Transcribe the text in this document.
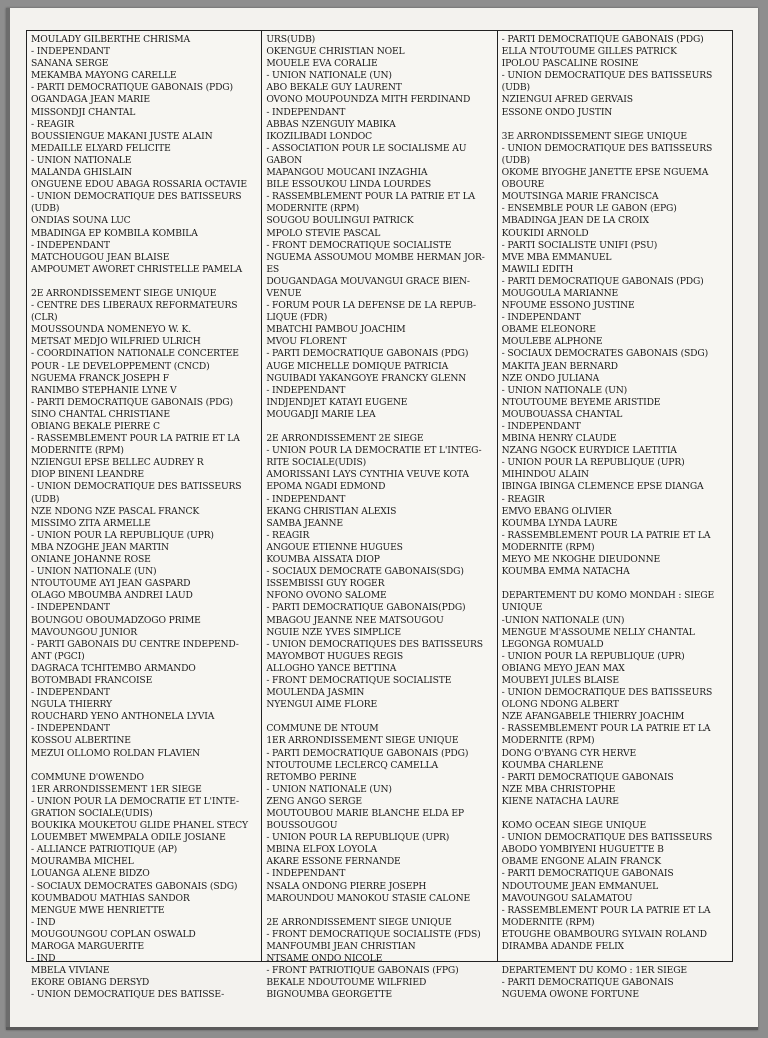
MOULADY GILBERTHE CHRISMA
- INDEPENDANT
SANANA SERGE
MEKAMBA MAYONG CARELLE
- PARTI DEMOCRATIQUE GABONAIS (PDG)
OGANDAGA JEAN MARIE
MISSONDJI CHANTAL
- REAGIR
BOUSSIENGUE MAKANI JUSTE ALAIN
MEDAILLE ELYARD FELICITE
- UNION NATIONALE
MALANDA GHISLAIN
ONGUENE EDOU ABAGA ROSSARIA OCTAVIE
- UNION DEMOCRATIQUE DES BATISSEURS
(UDB)
ONDIAS SOUNA LUC
MBADINGA EP KOMBILA KOMBILA
- INDEPENDANT
MATCHOUGOU JEAN BLAISE
AMPOUMET AWORET CHRISTELLE PAMELA
2E ARRONDISSEMENT SIEGE UNIQUE
- CENTRE DES LIBERAUX REFORMATEURS
(CLR)
MOUSSOUNDA NOMENEYO W. K.
METSAT MEDJO WILFRIED ULRICH
- COORDINATION NATIONALE CONCERTEE
POUR - LE DEVELOPPEMENT (CNCD)
NGUEMA FRANCK JOSEPH F
RANIMBO STEPHANIE LYNE V
- PARTI DEMOCRATIQUE GABONAIS (PDG)
SINO CHANTAL CHRISTIANE
OBIANG BEKALE PIERRE C
- RASSEMBLEMENT POUR LA PATRIE ET LA
MODERNITE (RPM)
NZIENGUI EPSE BELLEC AUDREY R
DIOP BINENI LEANDRE
- UNION DEMOCRATIQUE DES BATISSEURS
(UDB)
NZE NDONG NZE PASCAL FRANCK
MISSIMO ZITA ARMELLE
- UNION POUR LA REPUBLIQUE (UPR)
MBA NZOGHE JEAN MARTIN
ONIANE JOHANNE ROSE
- UNION NATIONALE (UN)
NTOUTOUME AYI JEAN GASPARD
OLAGO MBOUMBA ANDREI LAUD
- INDEPENDANT
BOUNGOU OBOUMADZOGO PRIME
MAVOUNGOU JUNIOR
- PARTI GABONAIS DU CENTRE INDEPEND-
ANT (PGCI)
DAGRACA TCHITEMBO ARMANDO
BOTOMBADI FRANCOISE
- INDEPENDANT
NGULA THIERRY
ROUCHARD YENO ANTHONELA LYVIA
- INDEPENDANT
KOSSOU ALBERTINE
MEZUI OLLOMO ROLDAN FLAVIEN
COMMUNE D'OWENDO
1ER ARRONDISSEMENT 1ER SIEGE
- UNION POUR LA DEMOCRATIE ET L'INTE-
GRATION SOCIALE(UDIS)
BOUKIKA MOUKETOU GLIDE PHANEL STECY
LOUEMBET MWEMPALA ODILE JOSIANE
- ALLIANCE PATRIOTIQUE (AP)
MOURAMBA MICHEL
LOUANGA ALENE BIDZO
- SOCIAUX DEMOCRATES GABONAIS (SDG)
KOUMBADOU MATHIAS SANDOR
MENGUE MWE HENRIETTE
- IND
MOUGOUNGOU COPLAN OSWALD
MAROGA MARGUERITE
- IND
MBELA VIVIANE
EKORE OBIANG DERSYD
- UNION DEMOCRATIQUE DES BATISSE-
URS(UDB)
OKENGUE CHRISTIAN NOEL
MOUELE EVA CORALIE
- UNION NATIONALE (UN)
ABO BEKALE GUY LAURENT
OVONO MOUPOUNDZA MITH FERDINAND
- INDEPENDANT
ABBAS NZENGUIY MABIKA
IKOZILIBADI LONDOC
- ASSOCIATION POUR LE SOCIALISME AU
GABON
MAPANGOU MOUCANI INZAGHIA
BILE ESSOUKOU LINDA LOURDES
- RASSEMBLEMENT POUR LA PATRIE ET LA
MODERNITE (RPM)
SOUGOU BOULINGUI PATRICK
MPOLO STEVIE PASCAL
- FRONT DEMOCRATIQUE SOCIALISTE
NGUEMA ASSOUMOU MOMBE HERMAN JOR-
ES
DOUGANDAGA MOUVANGUI GRACE BIEN-
VENUE
- FORUM POUR LA DEFENSE DE LA REPUB-
LIQUE (FDR)
MBATCHI PAMBOU JOACHIM
MVOU FLORENT
- PARTI DEMOCRATIQUE GABONAIS (PDG)
AUGE MICHELLE DOMIQUE PATRICIA
NGUIBADI YAKANGOYE FRANCKY GLENN
- INDEPENDANT
INDJENDJET KATAYI EUGENE
MOUGADJI MARIE LEA
2E ARRONDISSEMENT 2E SIEGE
- UNION POUR LA DEMOCRATIE ET L'INTEG-
RITE SOCIALE(UDIS)
AMORISSANI LAYS CYNTHIA VEUVE KOTA
EPOMA NGADI EDMOND
- INDEPENDANT
EKANG CHRISTIAN ALEXIS
SAMBA JEANNE
- REAGIR
ANGOUE ETIENNE HUGUES
KOUMBA AISSATA DIOP
- SOCIAUX DEMOCRATE GABONAIS(SDG)
ISSEMBISSI GUY ROGER
NFONO OVONO SALOME
- PARTI DEMOCRATIQUE GABONAIS(PDG)
MBAGOU JEANNE NEE MATSOUGOU
NGUIE NZE YVES SIMPLICE
- UNION DEMOCRATIQUES DES BATISSEURS
MAYOMBOT HUGUES REGIS
ALLOGHO YANCE BETTINA
- FRONT DEMOCRATIQUE SOCIALISTE
MOULENDA JASMIN
NYENGUI AIME FLORE
COMMUNE DE NTOUM
1ER ARRONDISSEMENT SIEGE UNIQUE
- PARTI DEMOCRATIQUE GABONAIS (PDG)
NTOUTOUME LECLERCQ CAMELLA
RETOMBO PERINE
- UNION NATIONALE (UN)
ZENG ANGO SERGE
MOUTOUBOU MARIE BLANCHE ELDA EP
BOUSSOUGOU
- UNION POUR LA REPUBLIQUE (UPR)
MBINA ELFOX LOYOLA
AKARE ESSONE FERNANDE
- INDEPENDANT
NSALA ONDONG PIERRE JOSEPH
MAROUNDOU MANOKOU STASIE CALONE
2E ARRONDISSEMENT SIEGE UNIQUE
- FRONT DEMOCRATIQUE SOCIALISTE (FDS)
MANFOUMBI JEAN CHRISTIAN
NTSAME ONDO NICOLE
- FRONT PATRIOTIQUE GABONAIS (FPG)
BEKALE NDOUTOUME WILFRIED
BIGNOUMBA GEORGETTE
- PARTI DEMOCRATIQUE GABONAIS (PDG)
ELLA NTOUTOUME GILLES PATRICK
IPOLOU PASCALINE ROSINE
- UNION DEMOCRATIQUE DES BATISSEURS
(UDB)
NZIENGUI AFRED GERVAIS
ESSONE ONDO JUSTIN
3E ARRONDISSEMENT SIEGE UNIQUE
- UNION DEMOCRATIQUE DES BATISSEURS
(UDB)
OKOME BIYOGHE JANETTE EPSE NGUEMA
OBOURE
MOUTSINGA MARIE FRANCISCA
- ENSEMBLE POUR LE GABON (EPG)
MBADINGA JEAN DE LA CROIX
KOUKIDI ARNOLD
- PARTI SOCIALISTE UNIFI (PSU)
MVE MBA EMMANUEL
MAWILI EDITH
- PARTI DEMOCRATIQUE GABONAIS (PDG)
MOUGOULA MARIANNE
NFOUME ESSONO JUSTINE
- INDEPENDANT
OBAME ELEONORE
MOULEBE ALPHONE
- SOCIAUX DEMOCRATES GABONAIS (SDG)
MAKITA JEAN BERNARD
NZE ONDO JULIANA
- UNION NATIONALE (UN)
NTOUTOUME BEYEME ARISTIDE
MOUBOUASSA CHANTAL
- INDEPENDANT
MBINA HENRY CLAUDE
NZANG NGOCK EURYDICE LAETITIA
- UNION POUR LA REPUBLIQUE (UPR)
MIHINDOU ALAIN
IBINGA IBINGA CLEMENCE EPSE DIANGA
- REAGIR
EMVO EBANG OLIVIER
KOUMBA LYNDA LAURE
- RASSEMBLEMENT POUR LA PATRIE ET LA
MODERNITE (RPM)
MEYO ME NKOGHE DIEUDONNE
KOUMBA EMMA NATACHA
DEPARTEMENT DU KOMO MONDAH : SIEGE
UNIQUE
-UNION NATIONALE (UN)
MENGUE M'ASSOUME NELLY CHANTAL
LEGONGA ROMUALD
- UNION POUR LA REPUBLIQUE (UPR)
OBIANG MEYO JEAN MAX
MOUBEYI JULES BLAISE
- UNION DEMOCRATIQUE DES BATISSEURS
OLONG NDONG ALBERT
NZE AFANGABELE THIERRY JOACHIM
- RASSEMBLEMENT POUR LA PATRIE ET LA
MODERNITE (RPM)
DONG O'BYANG CYR HERVE
KOUMBA CHARLENE
- PARTI DEMOCRATIQUE GABONAIS
NZE MBA CHRISTOPHE
KIENE NATACHA LAURE
KOMO OCEAN SIEGE UNIQUE
- UNION DEMOCRATIQUE DES BATISSEURS
ABODO YOMBIYENI HUGUETTE B
OBAME ENGONE ALAIN FRANCK
- PARTI DEMOCRATIQUE GABONAIS
NDOUTOUME JEAN EMMANUEL
MAVOUNGOU SALAMATOU
- RASSEMBLEMENT POUR LA PATRIE ET LA
MODERNITE (RPM)
ETOUGHE OBAMBOURG SYLVAIN ROLAND
DIRAMBA ADANDE FELIX
DEPARTEMENT DU KOMO : 1ER SIEGE
- PARTI DEMOCRATIQUE GABONAIS
NGUEMA OWONE FORTUNE
